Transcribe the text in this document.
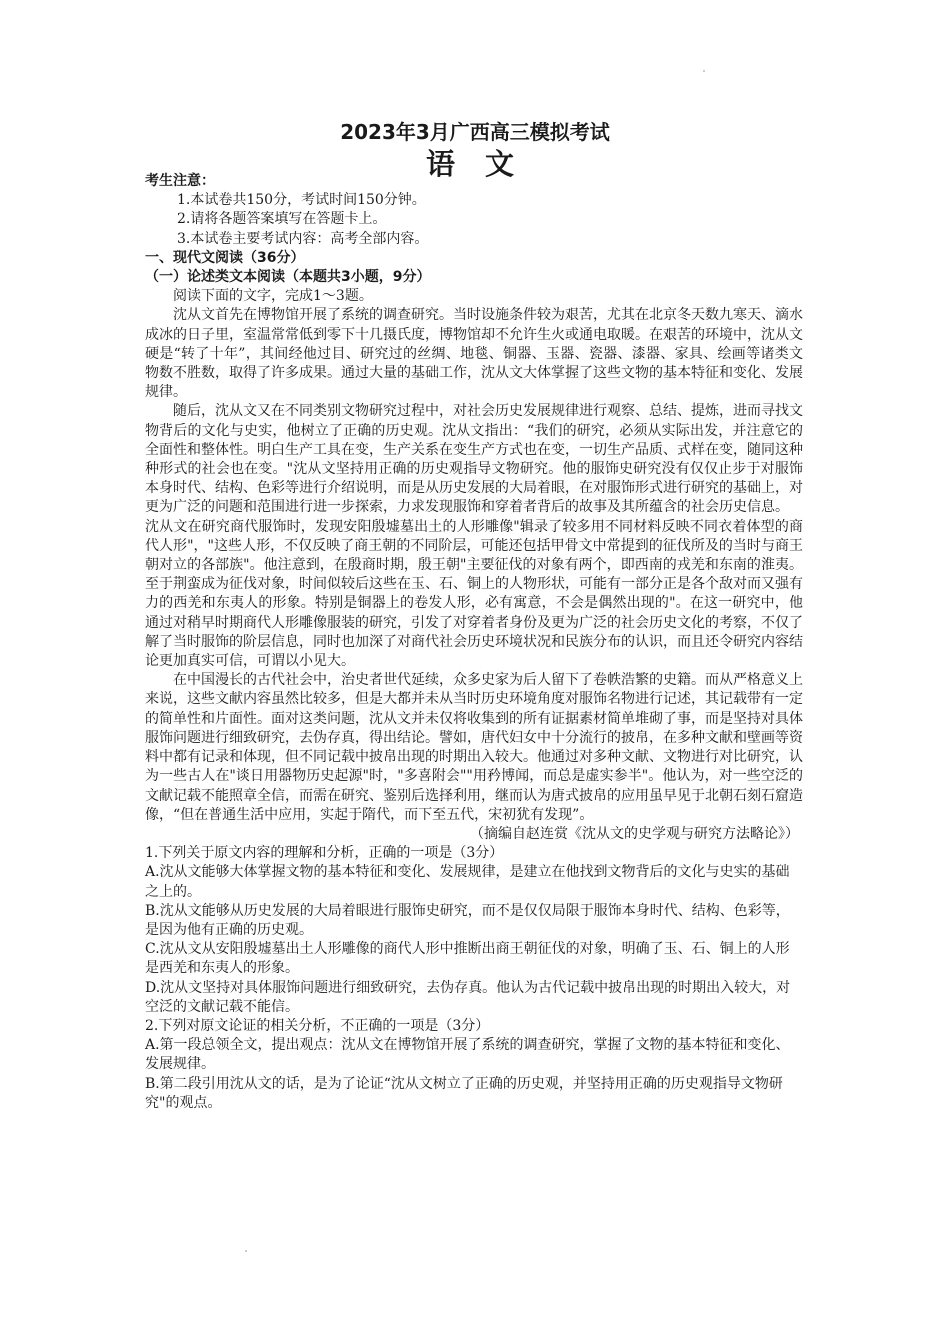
2023年3月广西高三模拟考试
语 文

考生注意：

1.本试卷共150分，考试时间150分钟。

2.请将各题答案填写在答题卡上。

3.本试卷主要考试内容：高考全部内容。

一、现代文阅读（36分）

（一）论述类文本阅读（本题共3小题，9分）

阅读下面的文字，完成1～3题。

沈从文首先在博物馆开展了系统的调查研究。当时设施条件较为艰苦，尤其在北京冬天数九寒天、滴水成冰的日子里，室温常常低到零下十几摄氏度，博物馆却不允许生火或通电取暖。在艰苦的环境中，沈从文硬是“转了十年”，其间经他过目、研究过的丝绸、地毯、铜器、玉器、瓷器、漆器、家具、绘画等诸类文物数不胜数，取得了许多成果。通过大量的基础工作，沈从文大体掌握了这些文物的基本特征和变化、发展规律。

随后，沈从文又在不同类别文物研究过程中，对社会历史发展规律进行观察、总结、提炼，进而寻找文物背后的文化与史实，他树立了正确的历史观。沈从文指出：“我们的研究，必须从实际出发，并注意它的全面性和整体性。明白生产工具在变，生产关系在变生产方式也在变，一切生产品质、式样在变，随同这种种形式的社会也在变。"沈从文坚持用正确的历史观指导文物研究。他的服饰史研究没有仅仅止步于对服饰本身时代、结构、色彩等进行介绍说明，而是从历史发展的大局着眼，在对服饰形式进行研究的基础上，对更为广泛的问题和范围进行进一步探索，力求发现服饰和穿着者背后的故事及其所蕴含的社会历史信息。

沈从文在研究商代服饰时，发现安阳殷墟墓出土的人形雕像"辑录了较多用不同材料反映不同衣着体型的商代人形"，"这些人形，不仅反映了商王朝的不同阶层，可能还包括甲骨文中常提到的征伐所及的当时与商王朝对立的各部族"。他注意到，在殷商时期，殷王朝"主要征伐的对象有两个，即西南的戎羌和东南的淮夷。至于荆蛮成为征伐对象，时间似较后这些在玉、石、铜上的人物形状，可能有一部分正是各个敌对而又强有力的西羌和东夷人的形象。特别是铜器上的卷发人形，必有寓意，不会是偶然出现的"。在这一研究中，他通过对稍早时期商代人形雕像服装的研究，引发了对穿着者身份及更为广泛的社会历史文化的考察，不仅了解了当时服饰的阶层信息，同时也加深了对商代社会历史环境状况和民族分布的认识，而且还令研究内容结论更加真实可信，可谓以小见大。

在中国漫长的古代社会中，治史者世代延续，众多史家为后人留下了卷帙浩繁的史籍。而从严格意义上来说，这些文献内容虽然比较多，但是大都并未从当时历史环境角度对服饰名物进行记述，其记载带有一定的简单性和片面性。面对这类问题，沈从文并未仅将收集到的所有证据素材简单堆砌了事，而是坚持对具体服饰问题进行细致研究，去伪存真，得出结论。譬如，唐代妇女中十分流行的披帛，在多种文献和壁画等资料中都有记录和体现，但不同记载中披帛出现的时期出入较大。他通过对多种文献、文物进行对比研究，认为一些古人在"谈日用器物历史起源"时，"多喜附会""用矜博闻，而总是虚实参半"。他认为，对一些空泛的文献记载不能照章全信，而需在研究、鉴别后选择利用，继而认为唐式披帛的应用虽早见于北朝石刻石窟造像，“但在普通生活中应用，实起于隋代，而下至五代，宋初犹有发现”。

（摘编自赵连赏《沈从文的史学观与研究方法略论》）

1.下列关于原文内容的理解和分析，正确的一项是（3分）

A.沈从文能够大体掌握文物的基本特征和变化、发展规律，是建立在他找到文物背后的文化与史实的基础之上的。

B.沈从文能够从历史发展的大局着眼进行服饰史研究，而不是仅仅局限于服饰本身时代、结构、色彩等，是因为他有正确的历史观。

C.沈从文从安阳殷墟墓出土人形雕像的商代人形中推断出商王朝征伐的对象，明确了玉、石、铜上的人形是西羌和东夷人的形象。

D.沈从文坚持对具体服饰问题进行细致研究，去伪存真。他认为古代记载中披帛出现的时期出入较大，对空泛的文献记载不能信。

2.下列对原文论证的相关分析，不正确的一项是（3分）

A.第一段总领全文，提出观点：沈从文在博物馆开展了系统的调查研究，掌握了文物的基本特征和变化、发展规律。

B.第二段引用沈从文的话，是为了论证“沈从文树立了正确的历史观，并坚持用正确的历史观指导文物研究"的观点。
